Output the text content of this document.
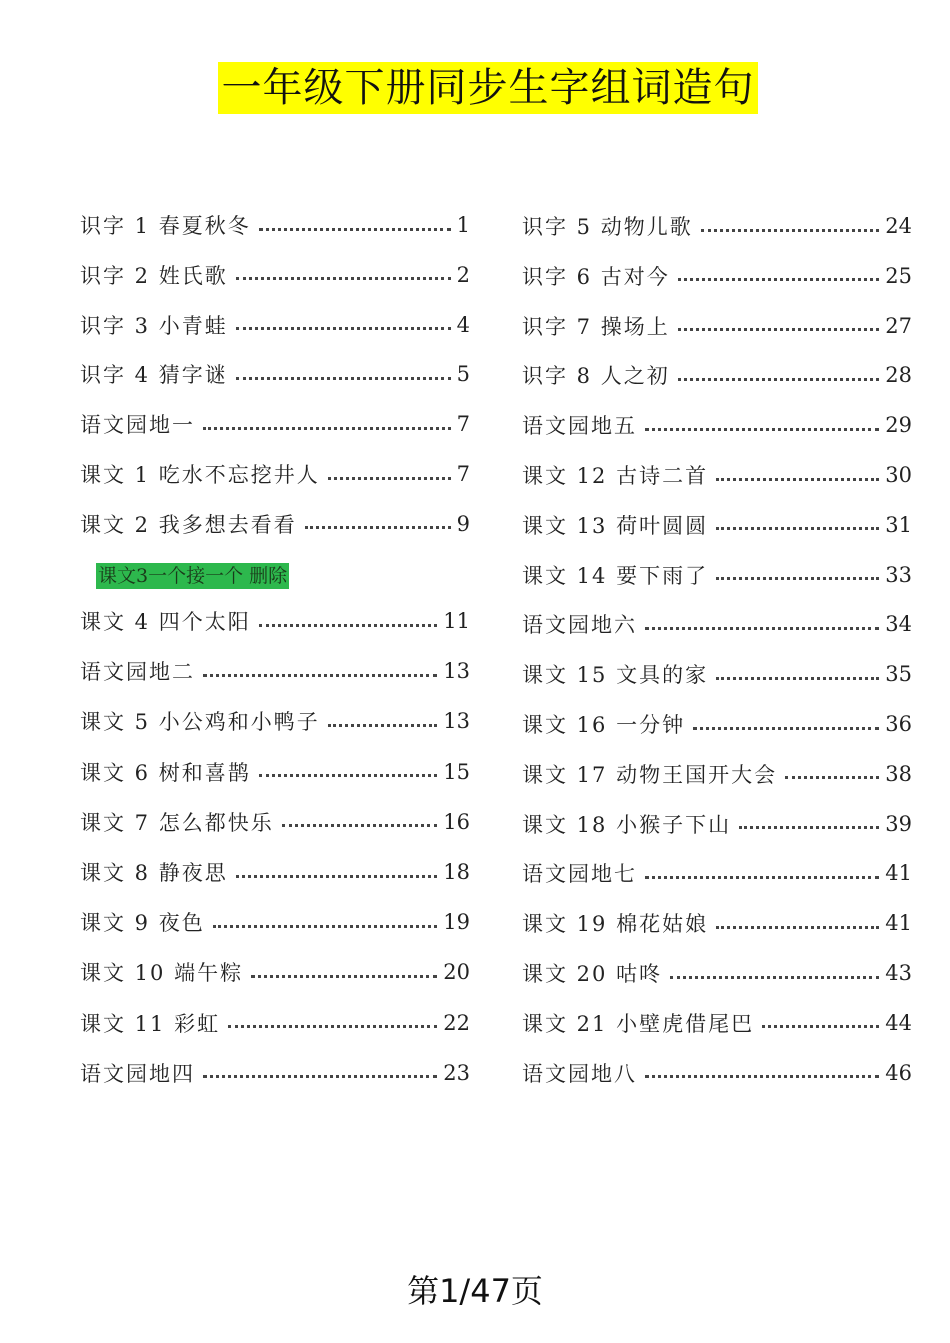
一年级下册同步生字组词造句
识字 1 春夏秋冬	1
识字 2 姓氏歌	2
识字 3 小青蛙	4
识字 4 猜字谜	5
语文园地一	7
课文 1 吃水不忘挖井人	7
课文 2 我多想去看看	9
课文 4 四个太阳	11
语文园地二	13
课文 5 小公鸡和小鸭子	13
课文 6 树和喜鹊	15
课文 7 怎么都快乐	16
课文 8 静夜思	18
课文 9 夜色	19
课文 10 端午粽	20
课文 11 彩虹	22
语文园地四	23
识字 5 动物儿歌	24
识字 6 古对今	25
识字 7 操场上	27
识字 8 人之初	28
语文园地五	29
课文 12 古诗二首	30
课文 13 荷叶圆圆	31
课文 14 要下雨了	33
语文园地六	34
课文 15 文具的家	35
课文 16 一分钟	36
课文 17 动物王国开大会	38
课文 18 小猴子下山	39
语文园地七	41
课文 19 棉花姑娘	41
课文 20 咕咚	43
课文 21 小壁虎借尾巴	44
语文园地八	46
课文3一个接一个 删除
第1/47页
